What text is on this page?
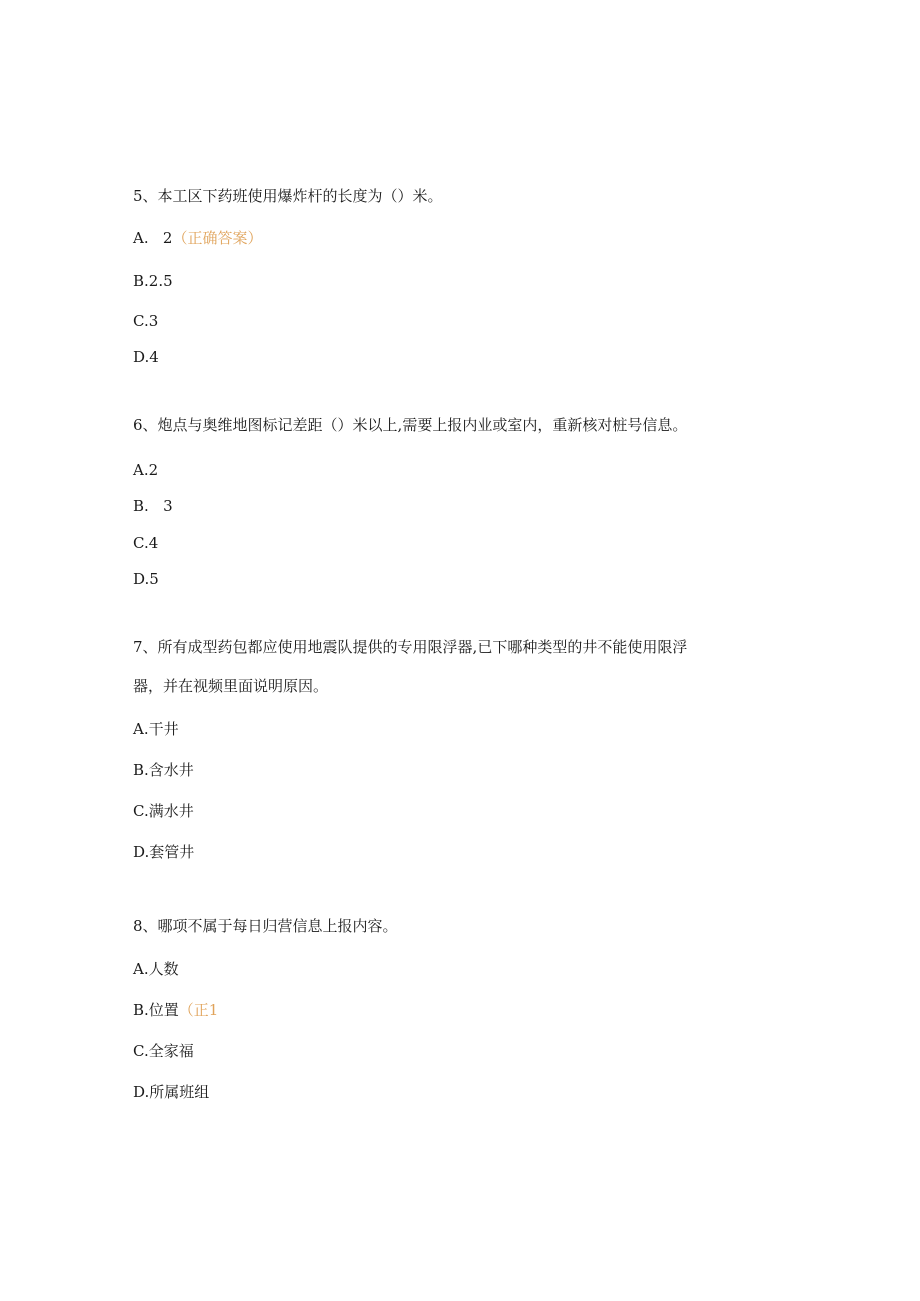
5、本工区下药班使用爆炸杆的长度为（）米。
A.   2（正确答案）
B.2.5
C.3
D.4
6、炮点与奥维地图标记差距（）米以上,需要上报内业或室内，重新核对桩号信息。
A.2
B.   3
C.4
D.5
7、所有成型药包都应使用地震队提供的专用限浮器,已下哪种类型的井不能使用限浮
器，并在视频里面说明原因。
A.干井
B.含水井
C.满水井
D.套管井
8、哪项不属于每日归营信息上报内容。
A.人数
B.位置（正1
C.全家福
D.所属班组
